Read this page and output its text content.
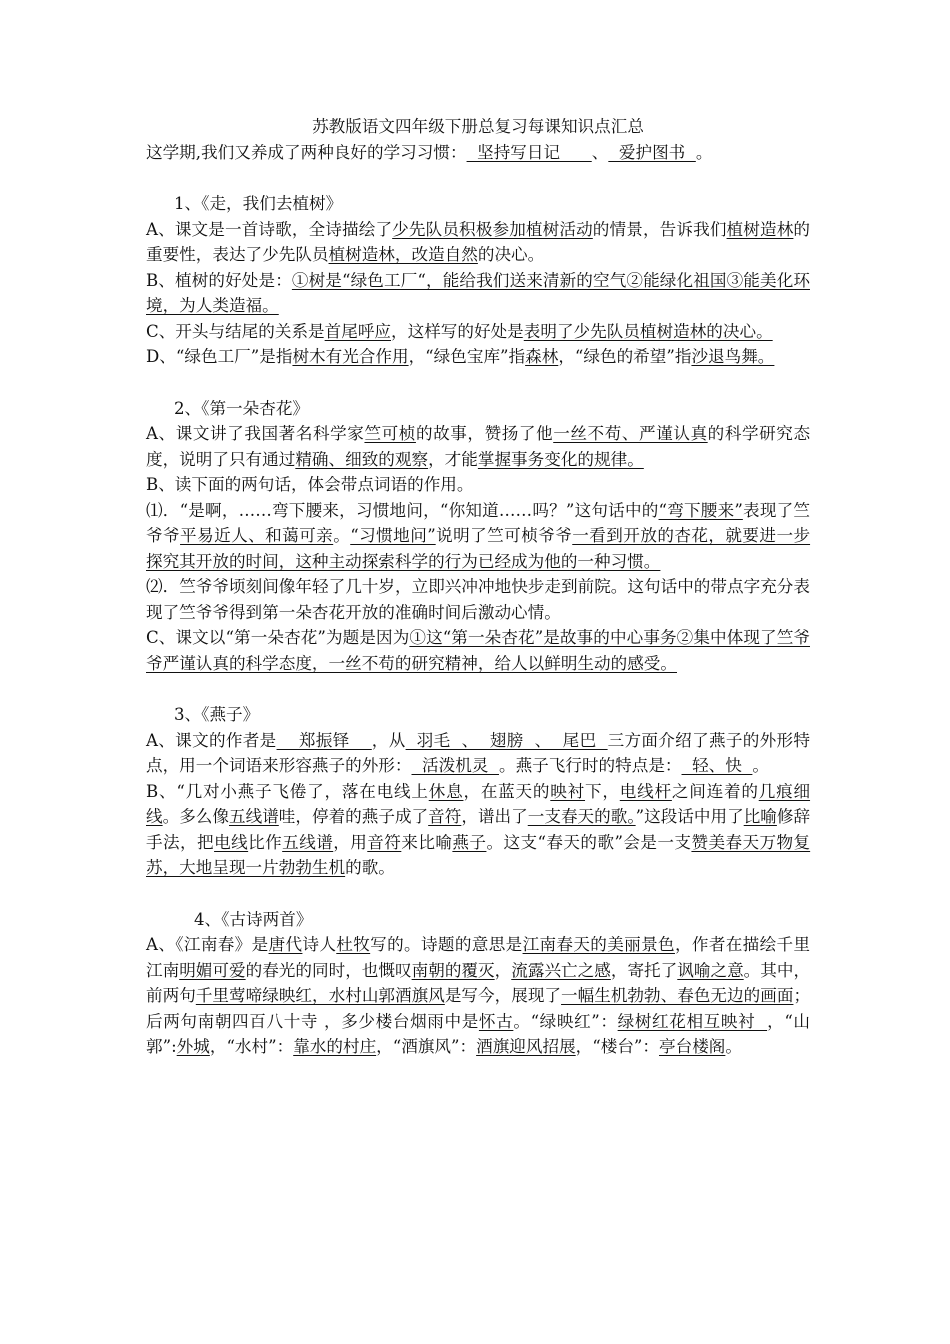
苏教版语文四年级下册总复习每课知识点汇总

这学期,我们又养成了两种良好的学习习惯：  坚持写日记      、  爱护图书  。

1、《走，我们去植树》

A、课文是一首诗歌，全诗描绘了少先队员积极参加植树活动的情景，告诉我们植树造林的重要性，表达了少先队员植树造林，改造自然的决心。

B、植树的好处是：①树是“绿色工厂“，能给我们送来清新的空气②能绿化祖国③能美化环境，为人类造福。

C、开头与结尾的关系是首尾呼应，这样写的好处是表明了少先队员植树造林的决心。

D、“绿色工厂”是指树木有光合作用，“绿色宝库”指森林，“绿色的希望”指沙退鸟舞。

2、《第一朵杏花》

A、课文讲了我国著名科学家竺可桢的故事，赞扬了他一丝不苟、严谨认真的科学研究态度，说明了只有通过精确、细致的观察，才能掌握事务变化的规律。

B、读下面的两句话，体会带点词语的作用。

⑴．“是啊，……弯下腰来，习惯地问，“你知道……吗？”这句话中的“弯下腰来”表现了竺爷爷平易近人、和蔼可亲。“习惯地问”说明了竺可桢爷爷一看到开放的杏花，就要进一步探究其开放的时间，这种主动探索科学的行为已经成为他的一种习惯。

⑵．竺爷爷顷刻间像年轻了几十岁，立即兴冲冲地快步走到前院。这句话中的带点字充分表现了竺爷爷得到第一朵杏花开放的准确时间后激动心情。

C、课文以“第一朵杏花”为题是因为①这“第一朵杏花”是故事的中心事务②集中体现了竺爷爷严谨认真的科学态度，一丝不苟的研究精神，给人以鲜明生动的感受。

3、《燕子》

A、课文的作者是    郑振铎    ，从  羽毛  、  翅膀  、  尾巴  三方面介绍了燕子的外形特点，用一个词语来形容燕子的外形：  活泼机灵  。燕子飞行时的特点是：  轻、快  。

B、“几对小燕子飞倦了，落在电线上休息，在蓝天的映衬下，电线杆之间连着的几痕细线。多么像五线谱哇，停着的燕子成了音符，谱出了一支春天的歌。”这段话中用了比喻修辞手法，把电线比作五线谱，用音符来比喻燕子。这支“春天的歌”会是一支赞美春天万物复苏，大地呈现一片勃勃生机的歌。

4、《古诗两首》

A、《江南春》是唐代诗人杜牧写的。诗题的意思是江南春天的美丽景色，作者在描绘千里江南明媚可爱的春光的同时，也慨叹南朝的覆灭，流露兴亡之感，寄托了讽喻之意。其中，前两句千里莺啼绿映红，水村山郭酒旗风是写今，展现了一幅生机勃勃、春色无边的画面；后两句南朝四百八十寺 ，多少楼台烟雨中是怀古。“绿映红”：绿树红花相互映衬  ，“山郭”:外城，“水村”：靠水的村庄，“酒旗风”：酒旗迎风招展，“楼台”：亭台楼阁。
